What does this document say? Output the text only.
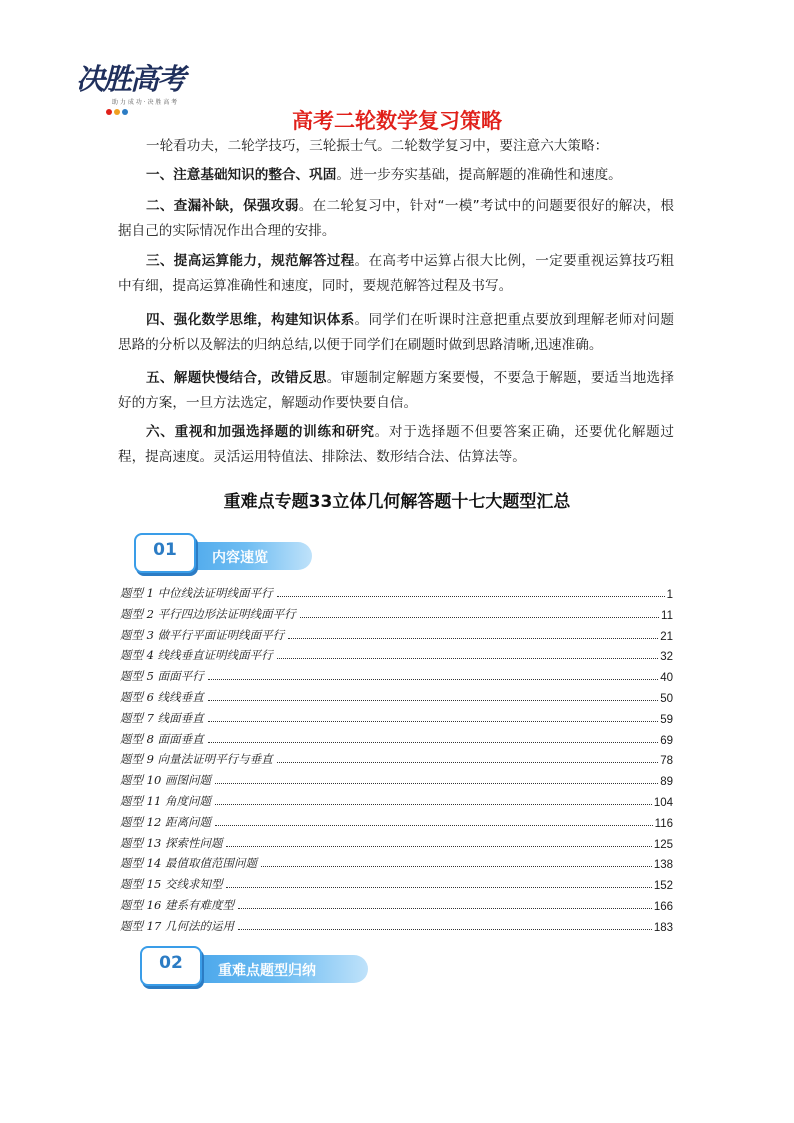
决胜高考
助 力 成 功 · 决 胜 高 考
高考二轮数学复习策略

一轮看功夫，二轮学技巧，三轮振士气。二轮数学复习中，要注意六大策略：

一、注意基础知识的整合、巩固。进一步夯实基础，提高解题的准确性和速度。

二、查漏补缺，保强攻弱。在二轮复习中，针对“一模”考试中的问题要很好的解决，根据自己的实际情况作出合理的安排。

三、提高运算能力，规范解答过程。在高考中运算占很大比例，一定要重视运算技巧粗中有细，提高运算准确性和速度，同时，要规范解答过程及书写。

四、强化数学思维，构建知识体系。同学们在听课时注意把重点要放到理解老师对问题思路的分析以及解法的归纳总结,以便于同学们在刷题时做到思路清晰,迅速准确。

五、解题快慢结合，改错反思。审题制定解题方案要慢，不要急于解题，要适当地选择好的方案，一旦方法选定，解题动作要快要自信。

六、重视和加强选择题的训练和研究。对于选择题不但要答案正确，还要优化解题过程，提高速度。灵活运用特值法、排除法、数形结合法、估算法等。

重难点专题33立体几何解答题十七大题型汇总
内容速览
01
题型 1 中位线法证明线面平行	1
题型 2 平行四边形法证明线面平行	11
题型 3 做平行平面证明线面平行	21
题型 4 线线垂直证明线面平行	32
题型 5 面面平行	40
题型 6 线线垂直	50
题型 7 线面垂直	59
题型 8 面面垂直	69
题型 9 向量法证明平行与垂直	78
题型 10 画图问题	89
题型 11 角度问题	104
题型 12 距离问题	116
题型 13 探索性问题	125
题型 14 最值取值范围问题	138
题型 15 交线求知型	152
题型 16 建系有难度型	166
题型 17 几何法的运用	183
重难点题型归纳
02
